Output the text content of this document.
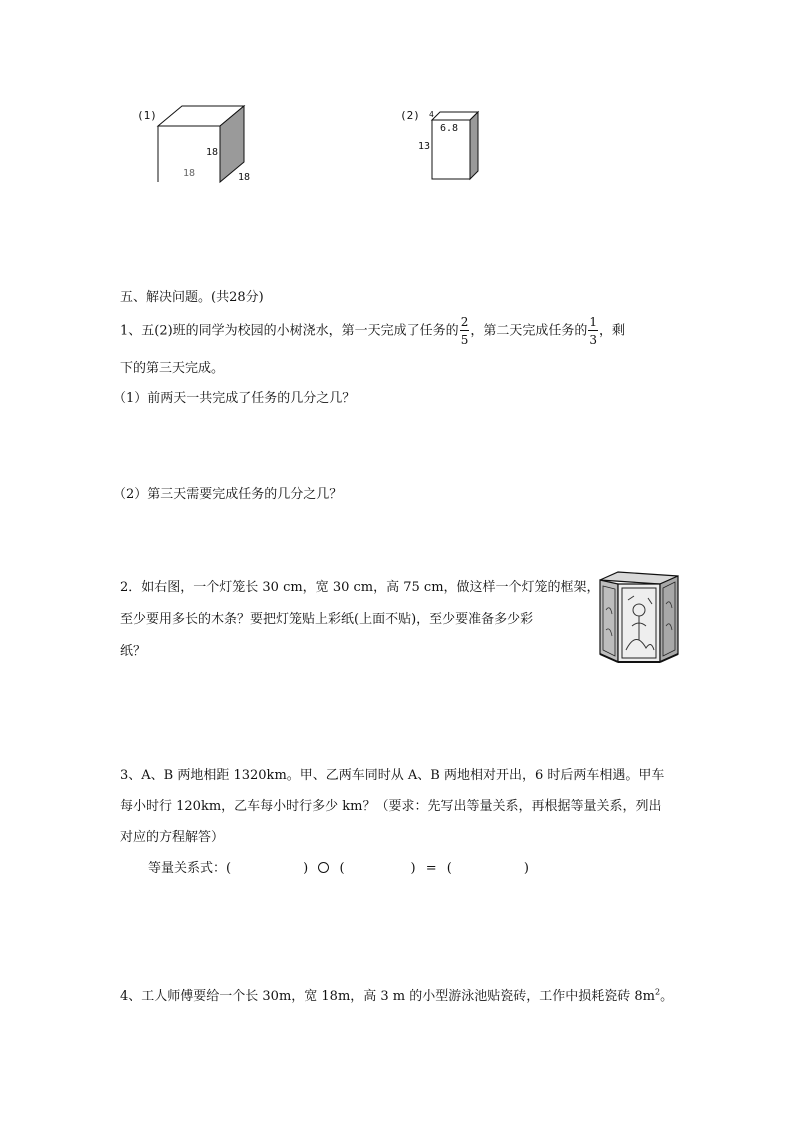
(1)
18
18	18
(2) 4
6.8
13
五、解决问题。(共28分)
1、五(2)班的同学为校园的小树浇水，第一天完成了任务的 $\frac{2}{5}$ ，第二天完成任务的 $\frac{1}{3}$ ，剩
下的第三天完成。
（1）前两天一共完成了任务的几分之几？
（2）第三天需要完成任务的几分之几？
2．如右图，一个灯笼长 30 cm，宽 30 cm，高 75 cm，做这样一个灯笼的框架，
至少要用多长的木条？要把灯笼贴上彩纸(上面不贴)，至少要准备多少彩
纸？
3、A、B 两地相距 1320km。甲、乙两车同时从 A、B 两地相对开出，6 时后两车相遇。甲车
每小时行 120km，乙车每小时行多少 km？（要求：先写出等量关系，再根据等量关系，列出
对应的方程解答）
等量关系式：(	) (	) = (	)
4、工人师傅要给一个长 30m，宽 18m，高 3 m 的小型游泳池贴瓷砖，工作中损耗瓷砖 $8m^2$。
